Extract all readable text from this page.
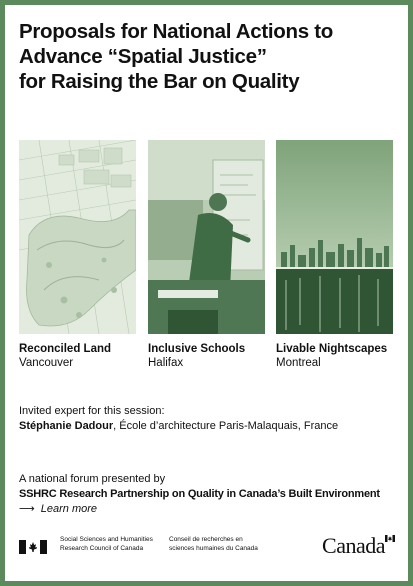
Proposals for National Actions to
Advance “Spatial Justice”
for Raising the Bar on Quality
Reconciled Land
Vancouver
Inclusive Schools
Halifax
Livable Nightscapes
Montreal
Invited expert for this session:
Stéphanie Dadour, École d’architecture Paris-Malaquais, France
A national forum presented by
SSHRC Research Partnership on Quality in Canada’s Built Environment
⟶ Learn more
Social Sciences and Humanities
Research Council of Canada
Conseil de recherches en
sciences humaines du Canada	Canada
